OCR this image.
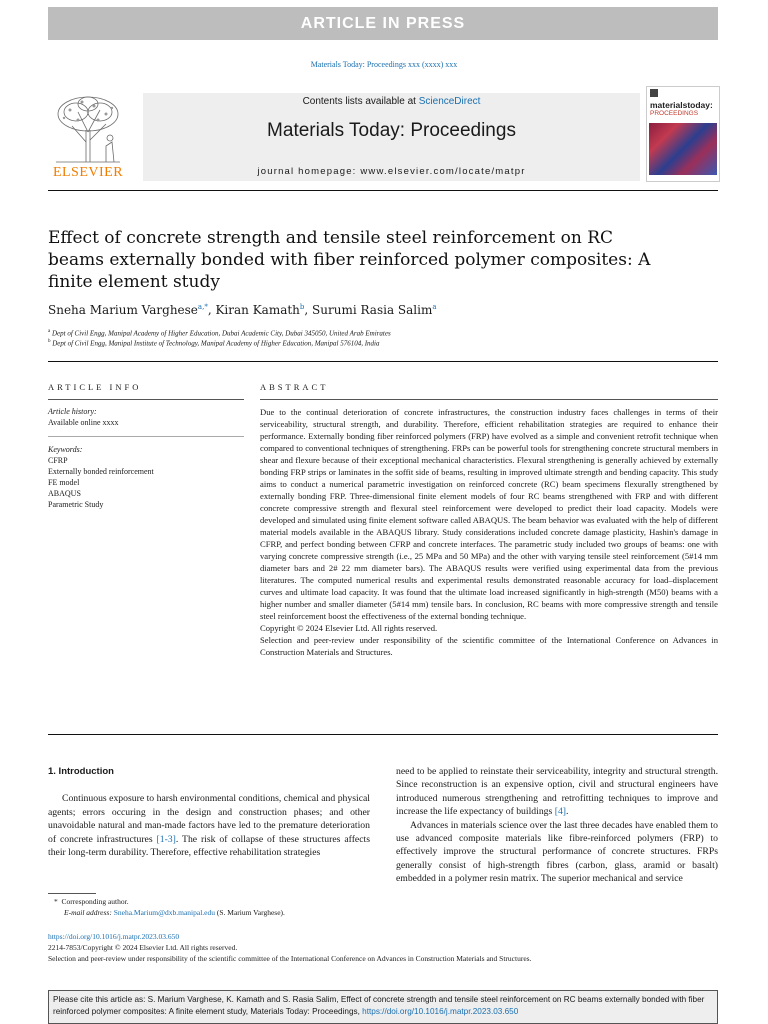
ARTICLE IN PRESS
Materials Today: Proceedings xxx (xxxx) xxx
Contents lists available at ScienceDirect
Materials Today: Proceedings
journal homepage: www.elsevier.com/locate/matpr
ELSEVIER
materialstoday:
PROCEEDINGS
Effect of concrete strength and tensile steel reinforcement on RC beams externally bonded with fiber reinforced polymer composites: A finite element study
Sneha Marium Varghese$^{a,*}$, Kiran Kamath$^b$, Surumi Rasia Salim$^a$
$^a$ Dept of Civil Engg, Manipal Academy of Higher Education, Dubai Academic City, Dubai 345050, United Arab Emirates
$^b$ Dept of Civil Engg, Manipal Institute of Technology, Manipal Academy of Higher Education, Manipal 576104, India
ARTICLE INFO
Article history:
Available online xxxx
Keywords:
CFRP
Externally bonded reinforcement
FE model
ABAQUS
Parametric Study
ABSTRACT

Due to the continual deterioration of concrete infrastructures, the construction industry faces challenges in terms of their serviceability, structural strength, and durability. Therefore, efficient rehabilitation strategies are required to enhance their performance. Externally bonding fiber reinforced polymers (FRP) have evolved as a simple and convenient retrofit technique when compared to conventional techniques of strengthening. FRPs can be powerful tools for strengthening concrete structural members in shear and flexure because of their exceptional mechanical characteristics. Flexural strengthening is generally achieved by externally bonding FRP strips or laminates in the soffit side of beams, resulting in improved ultimate strength and bending capacity. This study aims to conduct a numerical parametric investigation on reinforced concrete (RC) beam specimens flexurally strengthened by externally bonding FRP. Three-dimensional finite element models of four RC beams strengthened with FRP and with different concrete compressive strength and flexural steel reinforcement were developed to predict their load capacity. Models were developed and simulated using finite element software called ABAQUS. The beam behavior was evaluated with the help of different material models available in the ABAQUS library. Study considerations included concrete damage plasticity, Hashin's damage in CFRP, and perfect bonding between CFRP and concrete interfaces. The parametric study included two groups of beams: one with varying concrete compressive strength (i.e., 25 MPa and 50 MPa) and the other with varying tensile steel reinforcement (5#14 mm diameter bars and 2# 22 mm diameter bars). The ABAQUS results were verified using experimental data from the previous literatures. The computed numerical results and experimental results demonstrated reasonable accuracy for load–displacement curves and ultimate load capacity. It was found that the ultimate load increased significantly in high-strength (M50) beams with a higher number and smaller diameter (5#14 mm) tensile bars. In conclusion, RC beams with more compressive strength and tensile steel reinforcement boost the effectiveness of the external bonding technique.

Copyright © 2024 Elsevier Ltd. All rights reserved.

Selection and peer-review under responsibility of the scientific committee of the International Conference on Advances in Construction Materials and Structures.

1. Introduction

Continuous exposure to harsh environmental conditions, chemical and physical agents; errors occuring in the design and construction phases; and other unavoidable natural and man-made factors have led to the premature deterioration of concrete infrastructures [1-3]. The risk of collapse of these structures affects their long-term durability. Therefore, effective rehabilitation strategies

need to be applied to reinstate their serviceability, integrity and structural strength. Since reconstruction is an expensive option, civil and structural engineers have introduced numerous strengthening and retrofitting techniques to improve and increase the life expectancy of buildings [4].

Advances in materials science over the last three decades have enabled them to use advanced composite materials like fibre-reinforced polymers (FRP) to effectively improve the structural performance of concrete structures. FRPs generally consist of high-strength fibres (carbon, glass, aramid or basalt) embedded in a polymer resin matrix. The superior mechanical and service

* Corresponding author.
E-mail address: Sneha.Marium@dxb.manipal.edu (S. Marium Varghese).
https://doi.org/10.1016/j.matpr.2023.03.650
2214-7853/Copyright © 2024 Elsevier Ltd. All rights reserved.
Selection and peer-review under responsibility of the scientific committee of the International Conference on Advances in Construction Materials and Structures.
Please cite this article as: S. Marium Varghese, K. Kamath and S. Rasia Salim, Effect of concrete strength and tensile steel reinforcement on RC beams externally bonded with fiber reinforced polymer composites: A finite element study, Materials Today: Proceedings, https://doi.org/10.1016/j.matpr.2023.03.650
